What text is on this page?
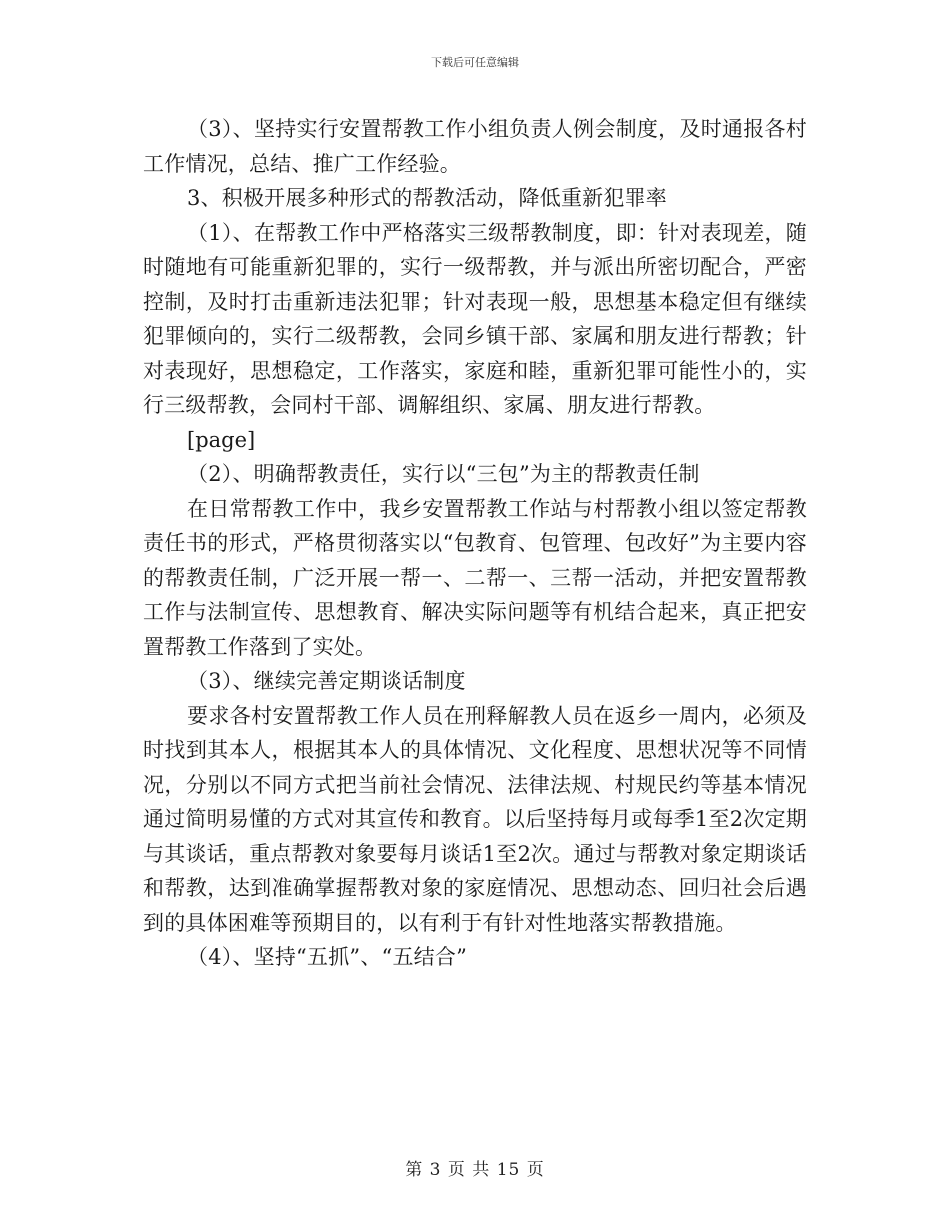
下载后可任意编辑

（3）、坚持实行安置帮教工作小组负责人例会制度，及时通报各村工作情况，总结、推广工作经验。

3、积极开展多种形式的帮教活动，降低重新犯罪率

（1）、在帮教工作中严格落实三级帮教制度，即：针对表现差，随时随地有可能重新犯罪的，实行一级帮教，并与派出所密切配合，严密控制，及时打击重新违法犯罪；针对表现一般，思想基本稳定但有继续犯罪倾向的，实行二级帮教，会同乡镇干部、家属和朋友进行帮教；针对表现好，思想稳定，工作落实，家庭和睦，重新犯罪可能性小的，实行三级帮教，会同村干部、调解组织、家属、朋友进行帮教。

[page]

（2）、明确帮教责任，实行以“三包”为主的帮教责任制

在日常帮教工作中，我乡安置帮教工作站与村帮教小组以签定帮教责任书的形式，严格贯彻落实以“包教育、包管理、包改好”为主要内容的帮教责任制，广泛开展一帮一、二帮一、三帮一活动，并把安置帮教工作与法制宣传、思想教育、解决实际问题等有机结合起来，真正把安置帮教工作落到了实处。

（3）、继续完善定期谈话制度

要求各村安置帮教工作人员在刑释解教人员在返乡一周内，必须及时找到其本人，根据其本人的具体情况、文化程度、思想状况等不同情况，分别以不同方式把当前社会情况、法律法规、村规民约等基本情况通过简明易懂的方式对其宣传和教育。以后坚持每月或每季1至2次定期与其谈话，重点帮教对象要每月谈话1至2次。通过与帮教对象定期谈话和帮教，达到准确掌握帮教对象的家庭情况、思想动态、回归社会后遇到的具体困难等预期目的，以有利于有针对性地落实帮教措施。

（4）、坚持“五抓”、“五结合”

第 3 页 共 15 页
